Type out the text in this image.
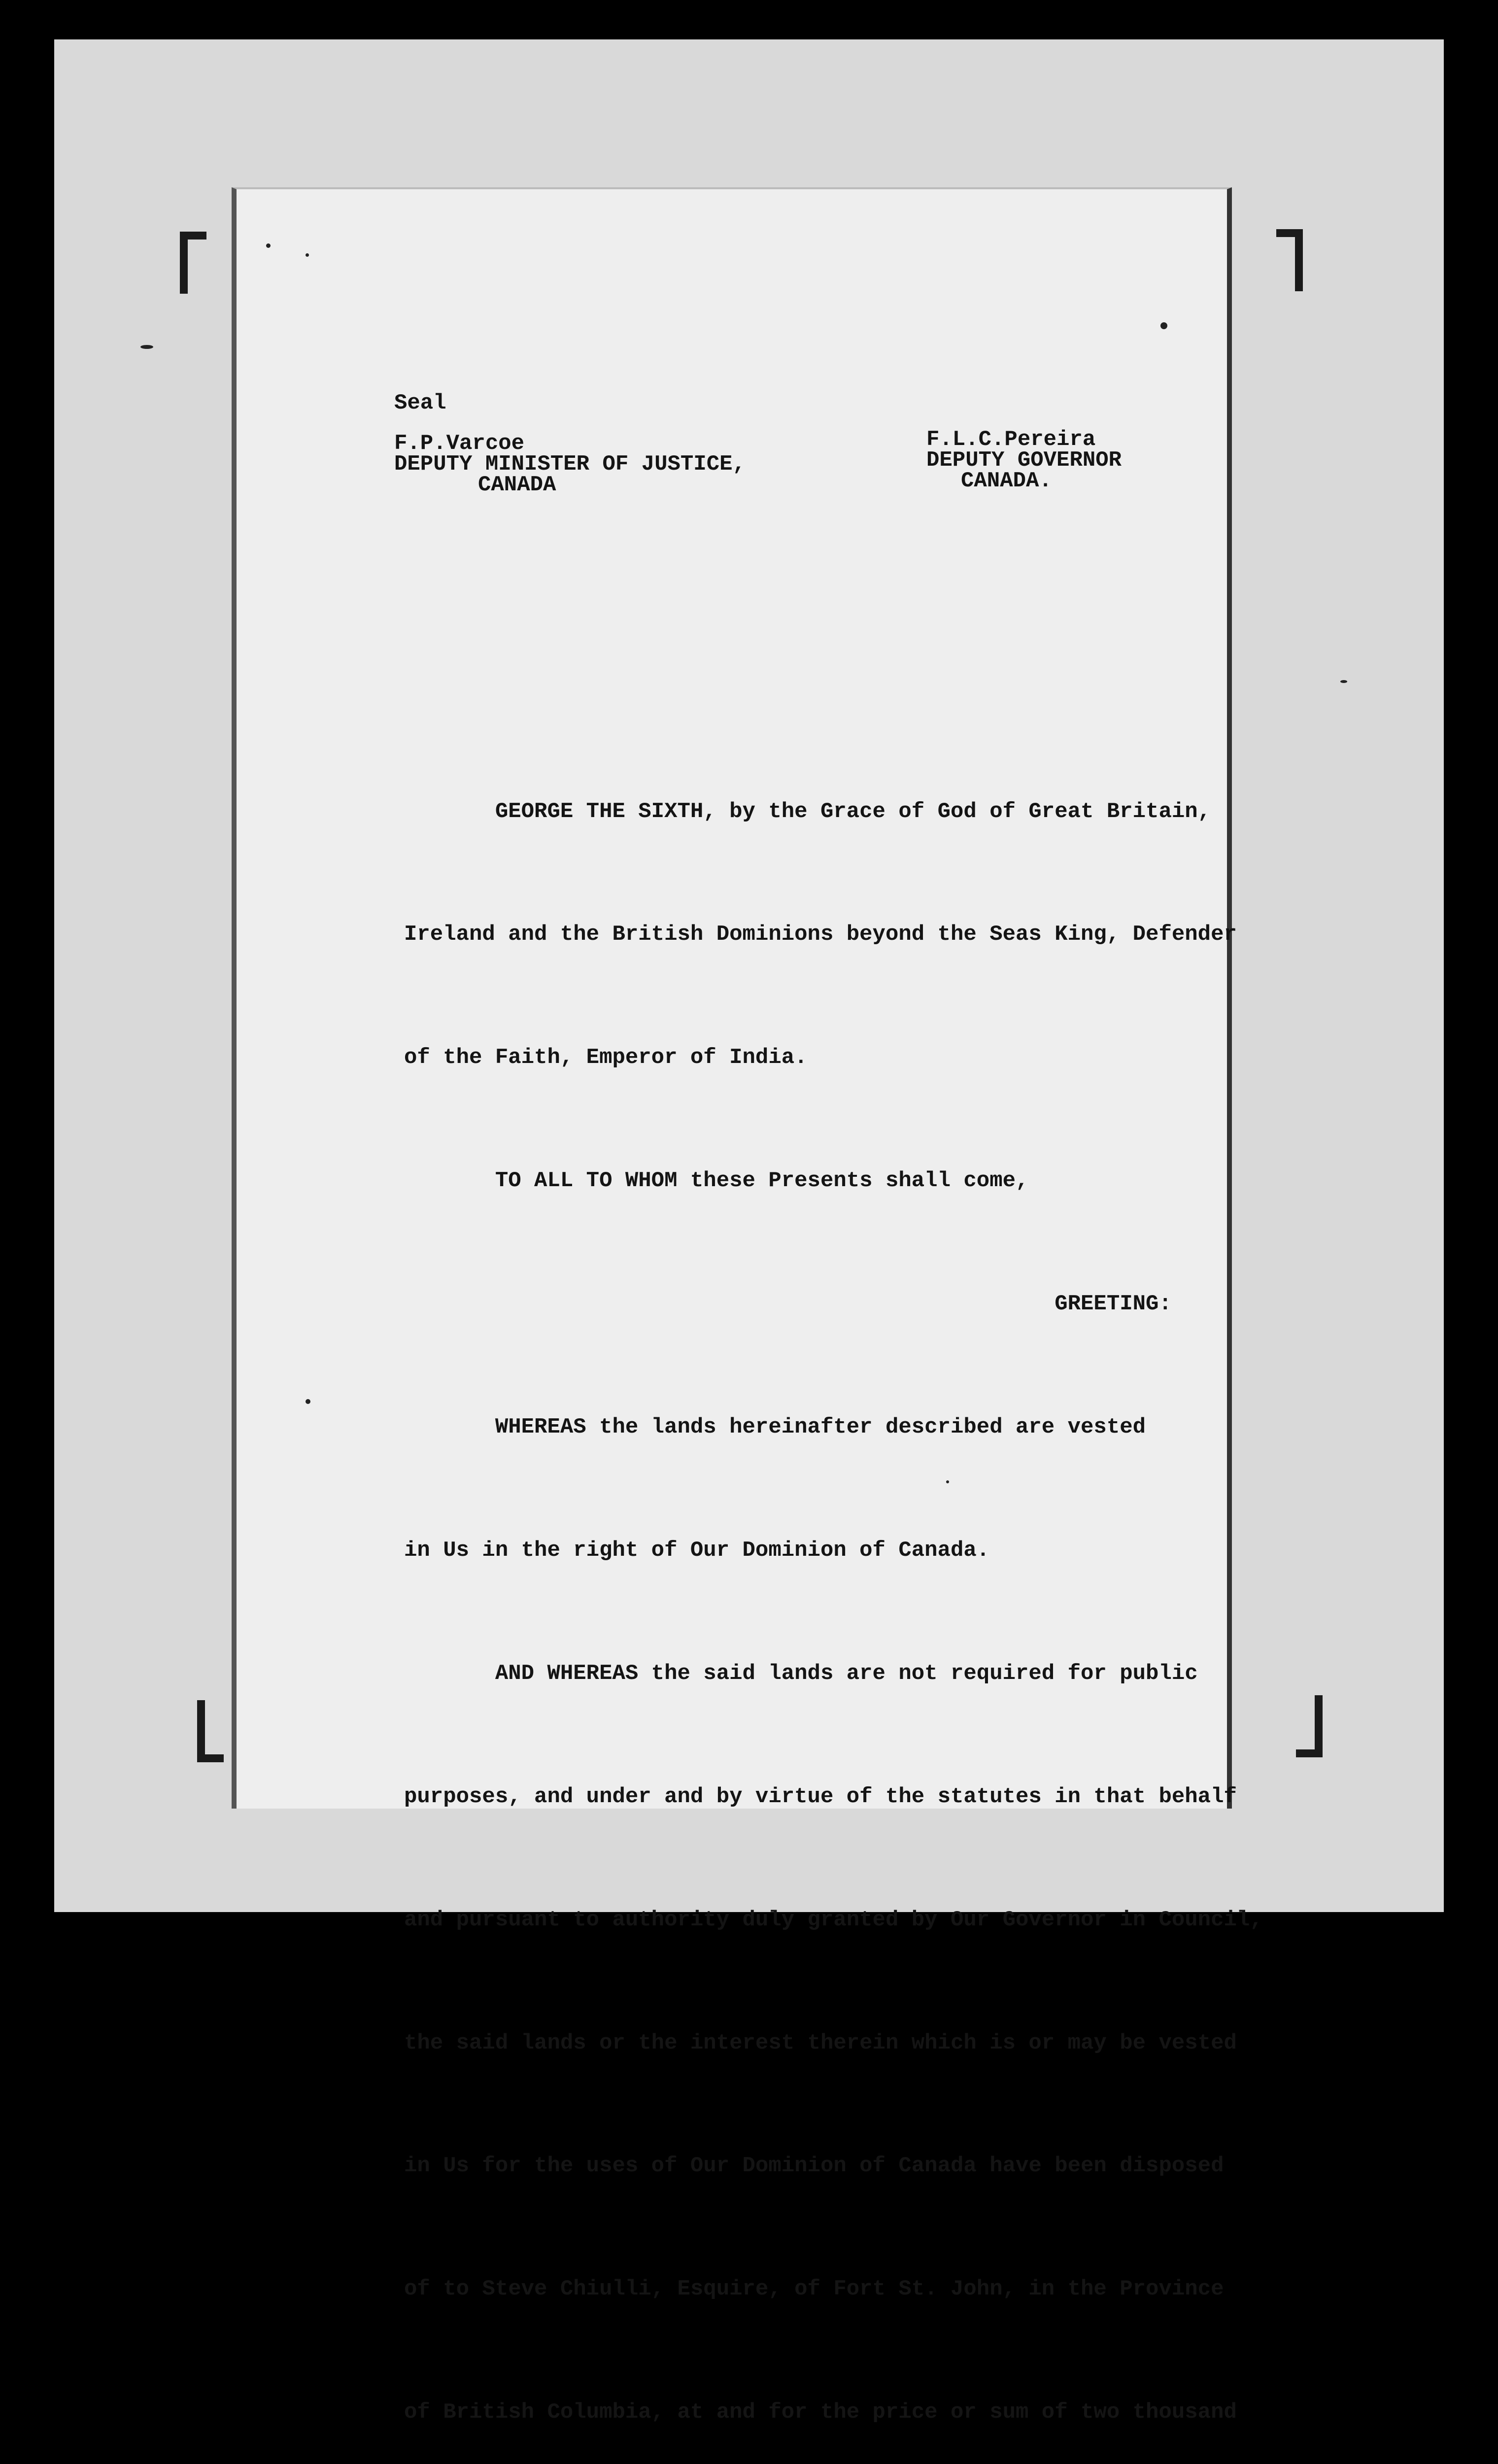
Seal
F.P.Varcoe
DEPUTY MINISTER OF JUSTICE,
CANADA
F.L.C.Pereira
DEPUTY GOVERNOR
CANADA.

GEORGE THE SIXTH, by the Grace of God of Great Britain,

Ireland and the British Dominions beyond the Seas King, Defender

of the Faith, Emperor of India.

TO ALL TO WHOM these Presents shall come,

GREETING:

WHEREAS the lands hereinafter described are vested

in Us in the right of Our Dominion of Canada.

AND WHEREAS the said lands are not required for public

purposes, and under and by virtue of the statutes in that behalf

and pursuant to authority duly granted by Our Governor in Council,

the said lands or the interest therein which is or may be vested

in Us for the uses of Our Dominion of Canada have been disposed

of to Steve Chiulli, Esquire, of Fort St. John, in the Province

of British Columbia, at and for the price or sum of two thousand
